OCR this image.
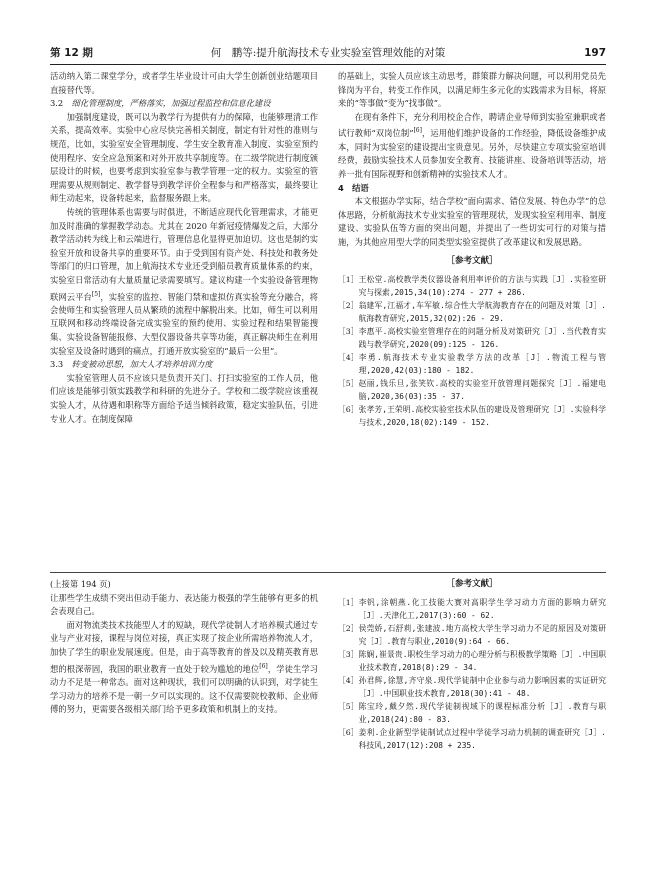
第 12 期	何　鹏等:提升航海技术专业实验室管理效能的对策	197

活动纳入第二课堂学分，或者学生毕业设计可由大学生创新创业结题项目直接替代等。

3.2　 细化管理制度，严格落实，加强过程监控和信息化建设

加强制度建设，既可以为教学行为提供有力的保障，也能够理清工作关系，提高效率。实验中心应尽快完善相关制度，制定有针对性的准则与规范，比如，实验室安全管理制度、学生安全教育准入制度、实验室预约使用程序、安全应急预案和对外开放共享制度等。在二级学院进行制度颁层设计的时候，也要考虑到实验室参与教学管理一定的权力。实验室的管理需要从规则制定、教学督导到教学评价全程参与和严格落实，最终要让师生动起来，设备转起来，监督服务跟上来。

传统的管理体系也需要与时俱进，不断适应现代化管理需求，才能更加及时准确的掌握教学动态。尤其在 2020 年新冠疫情爆发之后，大部分教学活动转为线上和云端进行，管理信息化显得更加迫切。这也是制约实验室开放和设备共享的重要环节。由于受到国有资产处、科技处和教务处等部门的归口管理，加上航海技术专业还受到船员教育质量体系的约束，实验室日常活动有大量质量记录需要填写。建议构建一个实验设备管理物联网云平台[5]，实验室的监控、智能门禁和虚拟仿真实验等充分融合，将会使师生和实验管理人员从繁琐的流程中解脱出来。比如，师生可以利用互联网和移动终端设备完成实验室的预约使用、实验过程和结果智能搜集、实验设备智能报修、大型仪器设备共享等功能，真正解决师生在利用实验室及设备时遇到的痛点，打通开放实验室的“最后一公里”。

3.3　 转变被动思想，加大人才培养培训力度

实验室管理人员不应该只是负责开关门、打扫实验室的工作人员，他们应该是能够引领实践教学和科研的先进分子。学校和二级学院应该重视实验人才，从待遇和职称等方面给予适当倾斜政策，稳定实验队伍，引进专业人才。在制度保障

的基础上，实验人员应该主动思考，群策群力解决问题，可以利用党员先锋岗为平台，转变工作作风，以满足师生多元化的实践需求为目标，将原来的“等事做”变为“找事做”。

在现有条件下，充分利用校企合作，聘请企业导师到实验室兼职或者试行教师“双岗位制”[6]，运用他们维护设备的工作经验，降低设备维护成本，同时为实验室的建设提出宝贵意见。另外，尽快建立专项实验室培训经费，鼓励实验技术人员参加安全教育、技能讲座、设备培训等活动，培养一批有国际视野和创新精神的实验技术人才。

4　结语

本文根据办学实际，结合学校“面向需求、错位发展、特色办学”的总体思路，分析航海技术专业实验室的管理现状，发现实验室利用率、制度建设、实验队伍等方面的突出问题，并提出了一些切实可行的对策与措施，为其他应用型大学的同类型实验室提供了改革建议和发展思路。

［参考文献］
［1］ 王松堂.高校教学类仪器设备利用率评价的方法与实践［J］.实验室研究与探索,2015,34(10):274 - 277 + 286.
［2］ 翁建军,江福才,车军敏.综合性大学航海教育存在的问题及对策［J］.航海教育研究,2015,32(02):26 - 29.
［3］ 李惠平.高校实验室管理存在的问题分析及对策研究［J］.当代教育实践与教学研究,2020(09):125 - 126.
［4］ 李勇.航海技术专业实验教学方法的改革［J］.物流工程与管理,2020,42(03):180 - 182.
［5］ 赵丽,钱乐旦,张笑钦.高校的实验室开放管理问题探究［J］.福建电脑,2020,36(03):35 - 37.
［6］ 张孝芳,王荣明.高校实验室技术队伍的建设及管理研究［J］.实验科学与技术,2020,18(02):149 - 152.

(上接第 194 页)

让那些学生成绩不突出但动手能力、表达能力极强的学生能够有更多的机会表现自己。

面对物流类技术技能型人才的短缺，现代学徒制人才培养模式通过专业与产业对接，课程与岗位对接，真正实现了按企业所需培养物流人才，加快了学生的职业发展速度。但是，由于高等教育的普及以及精英教育思想的根深蒂固，我国的职业教育一直处于较为尴尬的地位[6]，学徒生学习动力不足是一种常态。面对这种现状，我们可以明确的认识到，对学徒生学习动力的培养不是一朝一夕可以实现的。这不仅需要院校教师、企业师傅的努力，更需要各级相关部门给予更多政策和机制上的支持。

［参考文献］
［1］ 李钒,涂朝燕.化工技能大赛对高职学生学习动力方面的影响力研究［J］.天津化工,2017(3):60 - 62.
［2］ 侯莞娇,石舒莉,张建波.地方高校大学生学习动力不足的原因及对策研究［J］.教育与职业,2010(9):64 - 66.
［3］ 陈娴,崔景贵.职校生学习动力的心理分析与积极教学策略［J］.中国职业技术教育,2018(8):29 - 34.
［4］ 孙君辉,徐慧,齐守泉.现代学徒制中企业参与动力影响因素的实证研究［J］.中国职业技术教育,2018(30):41 - 48.
［5］ 陈宝玲,戴夕然.现代学徒制视域下的课程标准分析［J］.教育与职业,2018(24):80 - 83.
［6］ 姜利.企业新型学徒制试点过程中学徒学习动力机制的调查研究［J］.科技风,2017(12):208 + 235.
